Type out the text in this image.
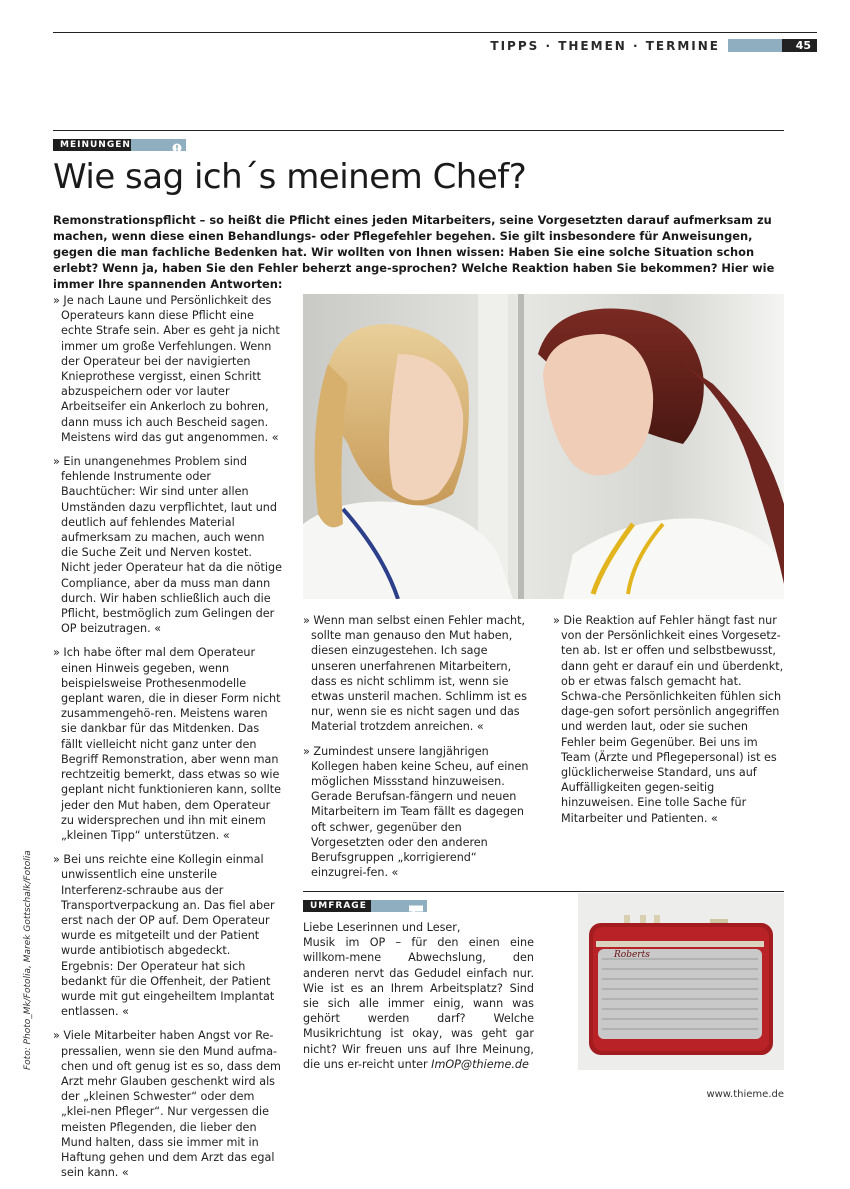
TIPPS · THEMEN · TERMINE	45
MEINUNGEN
Wie sag ich´s meinem Chef?
Remonstrationspflicht – so heißt die Pflicht eines jeden Mitarbeiters, seine Vorgesetzten darauf aufmerksam zu machen, wenn diese einen Behandlungs- oder Pflegefehler begehen. Sie gilt insbesondere für Anweisungen, gegen die man fachliche Bedenken hat. Wir wollten von Ihnen wissen: Haben Sie eine solche Situation schon erlebt? Wenn ja, haben Sie den Fehler beherzt ange-sprochen? Welche Reaktion haben Sie bekommen? Hier wie immer Ihre spannenden Antworten:

» Je nach Laune und Persönlichkeit des Operateurs kann diese Pflicht eine echte Strafe sein. Aber es geht ja nicht immer um große Verfehlungen. Wenn der Operateur bei der navigierten Knieprothese vergisst, einen Schritt abzuspeichern oder vor lauter Arbeitseifer ein Ankerloch zu bohren, dann muss ich auch Bescheid sagen. Meistens wird das gut angenommen. «

» Ein unangenehmes Problem sind fehlende Instrumente oder Bauchtücher: Wir sind unter allen Umständen dazu verpflichtet, laut und deutlich auf fehlendes Material aufmerksam zu machen, auch wenn die Suche Zeit und Nerven kostet. Nicht jeder Operateur hat da die nötige Compliance, aber da muss man dann durch. Wir haben schließlich auch die Pflicht, bestmöglich zum Gelingen der OP beizutragen. «

» Ich habe öfter mal dem Operateur einen Hinweis gegeben, wenn beispielsweise Prothesenmodelle geplant waren, die in dieser Form nicht zusammengehö-ren. Meistens waren sie dankbar für das Mitdenken. Das fällt vielleicht nicht ganz unter den Begriff Remonstration, aber wenn man rechtzeitig bemerkt, dass etwas so wie geplant nicht funktionieren kann, sollte jeder den Mut haben, dem Operateur zu widersprechen und ihn mit einem „kleinen Tipp“ unterstützen. «

» Bei uns reichte eine Kollegin einmal unwissentlich eine unsterile Interferenz-schraube aus der Transportverpackung an. Das fiel aber erst nach der OP auf. Dem Operateur wurde es mitgeteilt und der Patient wurde antibiotisch abgedeckt. Ergebnis: Der Operateur hat sich bedankt für die Offenheit, der Patient wurde mit gut eingeheiltem Implantat entlassen. «

» Viele Mitarbeiter haben Angst vor Re-pressalien, wenn sie den Mund aufma-chen und oft genug ist es so, dass dem Arzt mehr Glauben geschenkt wird als der „kleinen Schwester“ oder dem „klei-nen Pfleger“. Nur vergessen die meisten Pflegenden, die lieber den Mund halten, dass sie immer mit in Haftung gehen und dem Arzt das egal sein kann. «

» Wenn man selbst einen Fehler macht, sollte man genauso den Mut haben, diesen einzugestehen. Ich sage unseren unerfahrenen Mitarbeitern, dass es nicht schlimm ist, wenn sie etwas unsteril machen. Schlimm ist es nur, wenn sie es nicht sagen und das Material trotzdem anreichen. «

» Zumindest unsere langjährigen Kollegen haben keine Scheu, auf einen möglichen Missstand hinzuweisen. Gerade Berufsan-fängern und neuen Mitarbeitern im Team fällt es dagegen oft schwer, gegenüber den Vorgesetzten oder den anderen Berufsgruppen „korrigierend“ einzugrei-fen. «

» Die Reaktion auf Fehler hängt fast nur von der Persönlichkeit eines Vorgesetz-ten ab. Ist er offen und selbstbewusst, dann geht er darauf ein und überdenkt, ob er etwas falsch gemacht hat. Schwa-che Persönlichkeiten fühlen sich dage-gen sofort persönlich angegriffen und werden laut, oder sie suchen Fehler beim Gegenüber. Bei uns im Team (Ärzte und Pflegepersonal) ist es glücklicherweise Standard, uns auf Auffälligkeiten gegen-seitig hinzuweisen. Eine tolle Sache für Mitarbeiter und Patienten. «

UMFRAGE
Liebe Leserinnen und Leser,
Musik im OP – für den einen eine willkom-mene Abwechslung, den anderen nervt das Gedudel einfach nur. Wie ist es an Ihrem Arbeitsplatz? Sind sie sich alle immer einig, wann was gehört werden darf? Welche Musikrichtung ist okay, was geht gar nicht? Wir freuen uns auf Ihre Meinung, die uns er-reicht unter ImOP@thieme.de
Roberts
Foto: Photo_Mk/Fotolia, Marek Gottschalk/Fotolia
www.thieme.de
